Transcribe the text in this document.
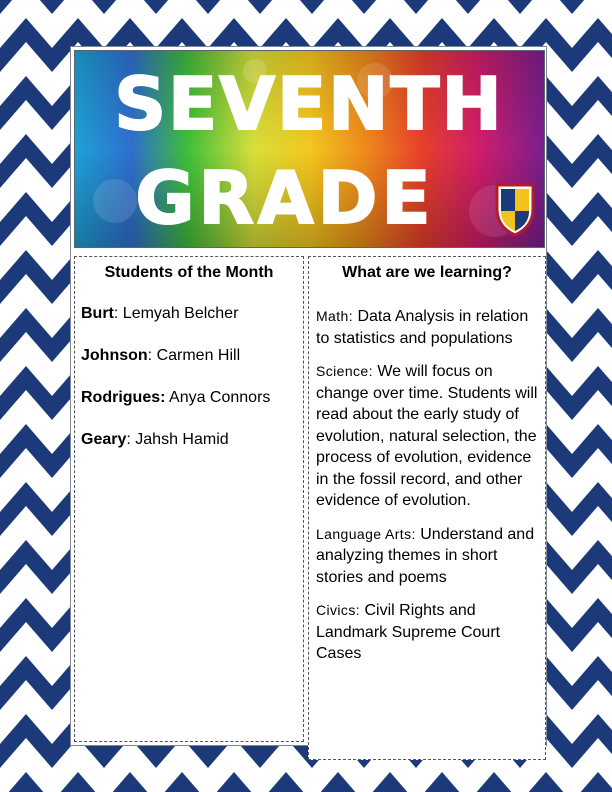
SEVENTH
GRADE
Students of the Month
Burt: Lemyah Belcher
Johnson: Carmen Hill
Rodrigues: Anya Connors
Geary: Jahsh Hamid
What are we learning?
Math: Data Analysis in relation to statistics and populations
Science: We will focus on change over time. Students will read about the early study of evolution, natural selection, the process of evolution, evidence in the fossil record, and other evidence of evolution.
Language Arts: Understand and analyzing themes in short stories and poems
Civics: Civil Rights and Landmark Supreme Court Cases
